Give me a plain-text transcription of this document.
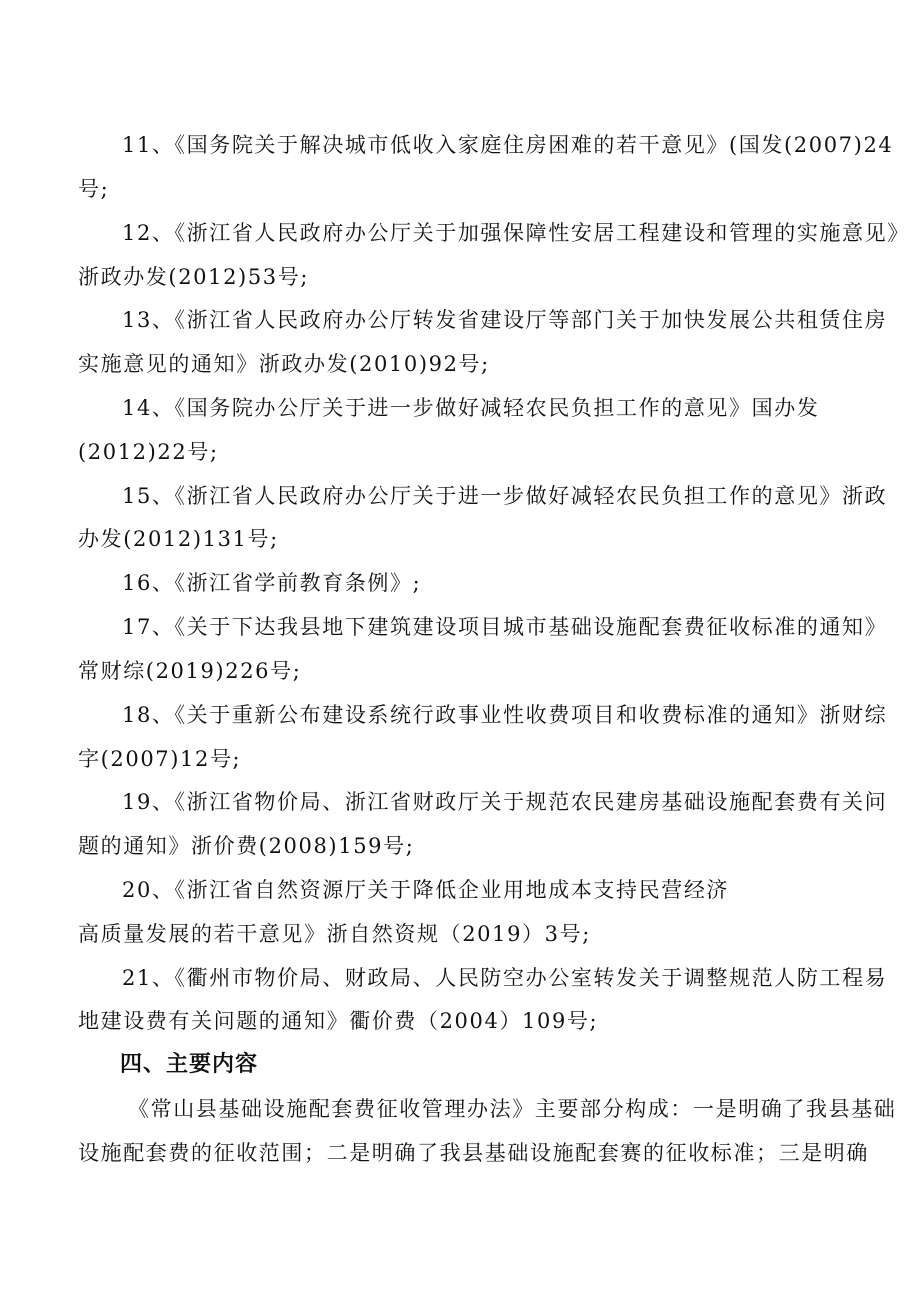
11、《国务院关于解决城市低收入家庭住房困难的若干意见》(国发(2007)24
号;
12、《浙江省人民政府办公厅关于加强保障性安居工程建设和管理的实施意见》
浙政办发(2012)53号;
13、《浙江省人民政府办公厅转发省建设厅等部门关于加快发展公共租赁住房
实施意见的通知》浙政办发(2010)92号;
14、《国务院办公厅关于进一步做好减轻农民负担工作的意见》国办发
(2012)22号;
15、《浙江省人民政府办公厅关于进一步做好减轻农民负担工作的意见》浙政
办发(2012)131号;
16、《浙江省学前教育条例》;
17、《关于下达我县地下建筑建设项目城市基础设施配套费征收标准的通知》
常财综(2019)226号;
18、《关于重新公布建设系统行政事业性收费项目和收费标准的通知》浙财综
字(2007)12号;
19、《浙江省物价局、浙江省财政厅关于规范农民建房基础设施配套费有关问
题的通知》浙价费(2008)159号;
20、《浙江省自然资源厅关于降低企业用地成本支持民营经济
高质量发展的若干意见》浙自然资规（2019）3号;
21、《衢州市物价局、财政局、人民防空办公室转发关于调整规范人防工程易
地建设费有关问题的通知》衢价费（2004）109号;
四、主要内容
《常山县基础设施配套费征收管理办法》主要部分构成：一是明确了我县基础
设施配套费的征收范围；二是明确了我县基础设施配套赛的征收标准；三是明确
